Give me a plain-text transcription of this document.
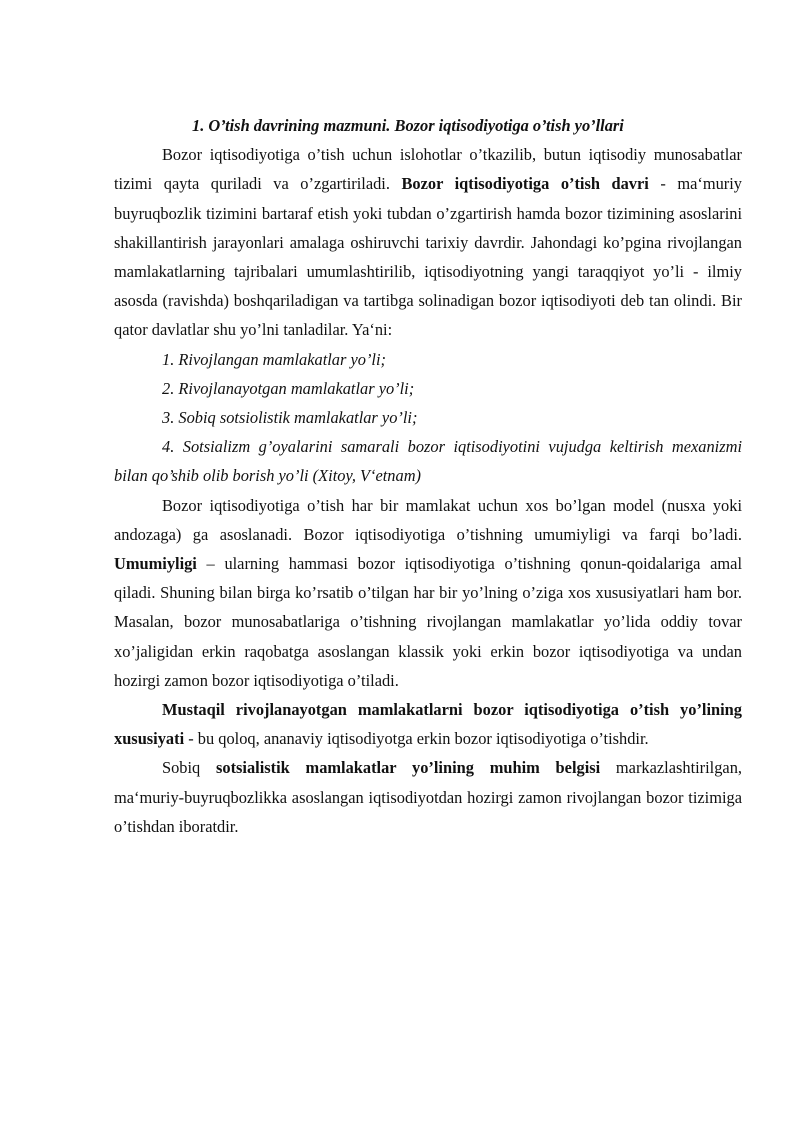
1. O’tish davrining mazmuni. Bozor iqtisodiyotiga o’tish yo’llari

Bozor iqtisodiyotiga o’tish uchun islohotlar o’tkazilib, butun iqtisodiy munosabatlar tizimi qayta quriladi va o’zgartiriladi. Bozor iqtisodiyotiga o’tish davri - ma‘muriy buyruqbozlik tizimini bartaraf etish yoki tubdan o’zgartirish hamda bozor tizimining asoslarini shakillantirish jarayonlari amalaga oshiruvchi tarixiy davrdir. Jahondagi ko’pgina rivojlangan mamlakatlarning tajribalari umumlashtirilib, iqtisodiyotning yangi taraqqiyot yo’li - ilmiy asosda (ravishda) boshqariladigan va tartibga solinadigan bozor iqtisodiyoti deb tan olindi. Bir qator davlatlar shu yo’lni tanladilar. Ya‘ni:

1. Rivojlangan mamlakatlar yo’li;
2. Rivojlanayotgan mamlakatlar yo’li;
3. Sobiq sotsiolistik mamlakatlar yo’li;
4. Sotsializm g’oyalarini samarali bozor iqtisodiyotini vujudga keltirish mexanizmi bilan qo’shib olib borish yo’li (Xitoy, V‘etnam)

Bozor iqtisodiyotiga o’tish har bir mamlakat uchun xos bo’lgan model (nusxa yoki andozaga) ga asoslanadi. Bozor iqtisodiyotiga o’tishning umumiyligi va farqi bo’ladi. Umumiyligi – ularning hammasi bozor iqtisodiyotiga o’tishning qonun-qoidalariga amal qiladi. Shuning bilan birga ko’rsatib o’tilgan har bir yo’lning o’ziga xos xususiyatlari ham bor. Masalan, bozor munosabatlariga o’tishning rivojlangan mamlakatlar yo’lida oddiy tovar xo’jaligidan erkin raqobatga asoslangan klassik yoki erkin bozor iqtisodiyotiga va undan hozirgi zamon bozor iqtisodiyotiga o’tiladi.

Mustaqil rivojlanayotgan mamlakatlarni bozor iqtisodiyotiga o’tish yo’lining xususiyati - bu qoloq, ananaviy iqtisodiyotga erkin bozor iqtisodiyotiga o’tishdir.

Sobiq sotsialistik mamlakatlar yo’lining muhim belgisi markazlashtirilgan, ma‘muriy-buyruqbozlikka asoslangan iqtisodiyotdan hozirgi zamon rivojlangan bozor tizimiga o’tishdan iboratdir.
